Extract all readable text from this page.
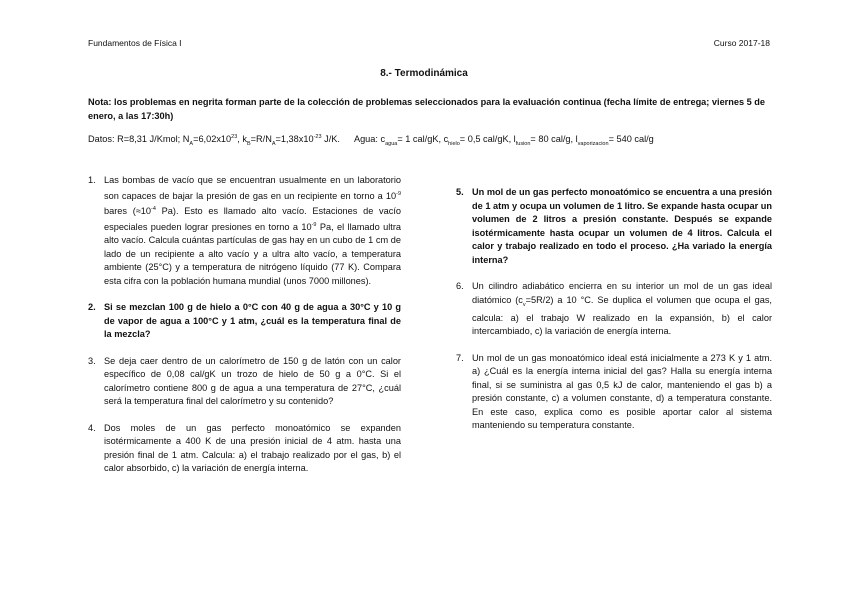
Fundamentos de Física I	Curso 2017-18
8.- Termodinámica
Nota: los problemas en negrita forman parte de la colección de problemas seleccionados para la evaluación continua (fecha límite de entrega; viernes 5 de enero, a las 17:30h)
Datos: R=8,31 J/Kmol; $N_A=6,02x10^{23}$, $k_B=R/N_A=1,38x10^{-23}$ J/K. Agua: $c_{agua}= 1$ cal/gK, $c_{hielo}= 0,5$ cal/gK, $l_{fusion}= 80$ cal/g, $l_{vaporizacion}= 540$ cal/g
1. Las bombas de vacío que se encuentran usualmente en un laboratorio son capaces de bajar la presión de gas en un recipiente en torno a $10^{-9}$ bares ($\approx 10^{-4}$ Pa). Esto es llamado alto vacío. Estaciones de vacío especiales pueden lograr presiones en torno a $10^{-9}$ Pa, el llamado ultra alto vacío. Calcula cuántas partículas de gas hay en un cubo de 1 cm de lado de un recipiente a alto vacío y a ultra alto vacío, a temperatura ambiente (25°C) y a temperatura de nitrógeno líquido (77 K). Compara esta cifra con la población humana mundial (unos 7000 millones).
2. Si se mezclan 100 g de hielo a 0°C con 40 g de agua a 30°C y 10 g de vapor de agua a 100°C y 1 atm, ¿cuál es la temperatura final de la mezcla?
3. Se deja caer dentro de un calorímetro de 150 g de latón con un calor específico de 0,08 cal/gK un trozo de hielo de 50 g a 0°C. Si el calorímetro contiene 800 g de agua a una temperatura de 27°C, ¿cuál será la temperatura final del calorímetro y su contenido?
4. Dos moles de un gas perfecto monoatómico se expanden isotérmicamente a 400 K de una presión inicial de 4 atm. hasta una presión final de 1 atm. Calcula: a) el trabajo realizado por el gas, b) el calor absorbido, c) la variación de energía interna.
5. Un mol de un gas perfecto monoatómico se encuentra a una presión de 1 atm y ocupa un volumen de 1 litro. Se expande hasta ocupar un volumen de 2 litros a presión constante. Después se expande isotérmicamente hasta ocupar un volumen de 4 litros. Calcula el calor y trabajo realizado en todo el proceso. ¿Ha variado la energía interna?
6. Un cilindro adiabático encierra en su interior un mol de un gas ideal diatómico $(c_v=5R/2)$ a 10 °C. Se duplica el volumen que ocupa el gas, calcula: a) el trabajo W realizado en la expansión, b) el calor intercambiado, c) la variación de energía interna.
7. Un mol de un gas monoatómico ideal está inicialmente a 273 K y 1 atm. a) ¿Cuál es la energía interna inicial del gas? Halla su energía interna final, si se suministra al gas 0,5 kJ de calor, manteniendo el gas b) a presión constante, c) a volumen constante, d) a temperatura constante. En este caso, explica como es posible aportar calor al sistema manteniendo su temperatura constante.
